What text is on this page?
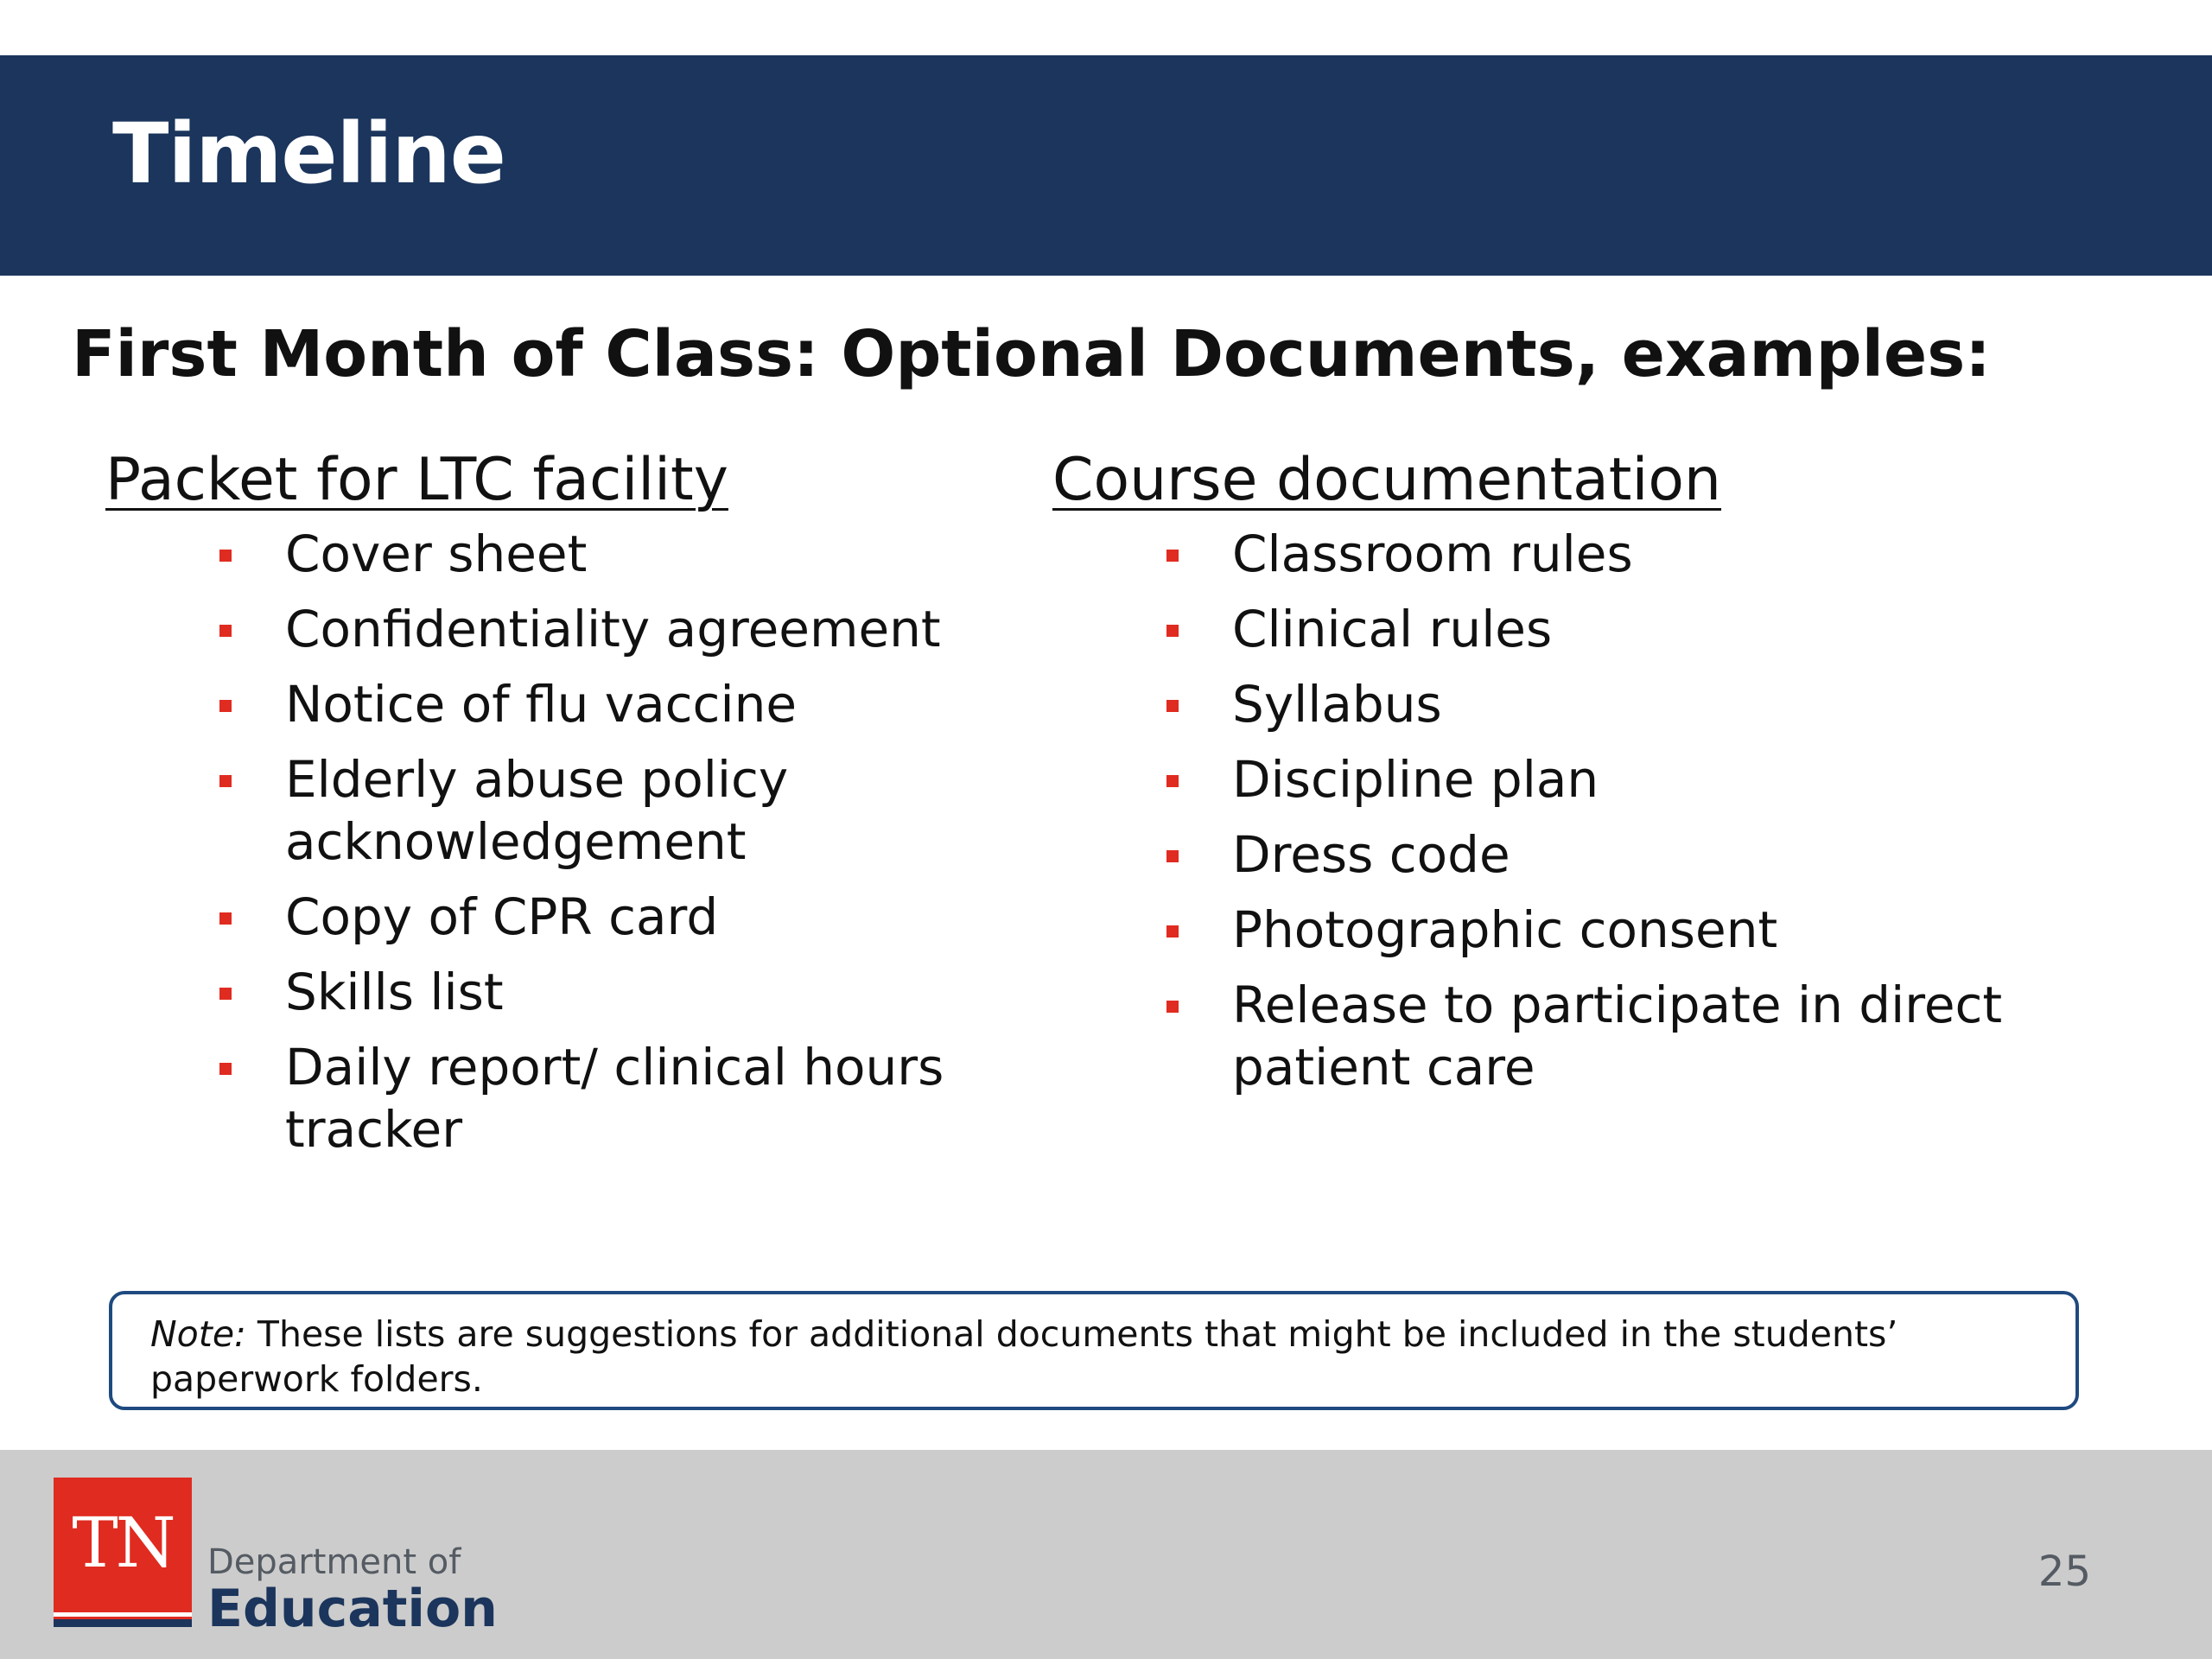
Timeline
First Month of Class: Optional Documents, examples:
Packet for LTC facility
Cover sheet
Confidentiality agreement
Notice of flu vaccine
Elderly abuse policy acknowledgement
Copy of CPR card
Skills list
Daily report/ clinical hours tracker
Course documentation
Classroom rules
Clinical rules
Syllabus
Discipline plan
Dress code
Photographic consent
Release to participate in direct patient care
Note: These lists are suggestions for additional documents that might be included in the students’ paperwork folders.
TN Department of
Education
25
